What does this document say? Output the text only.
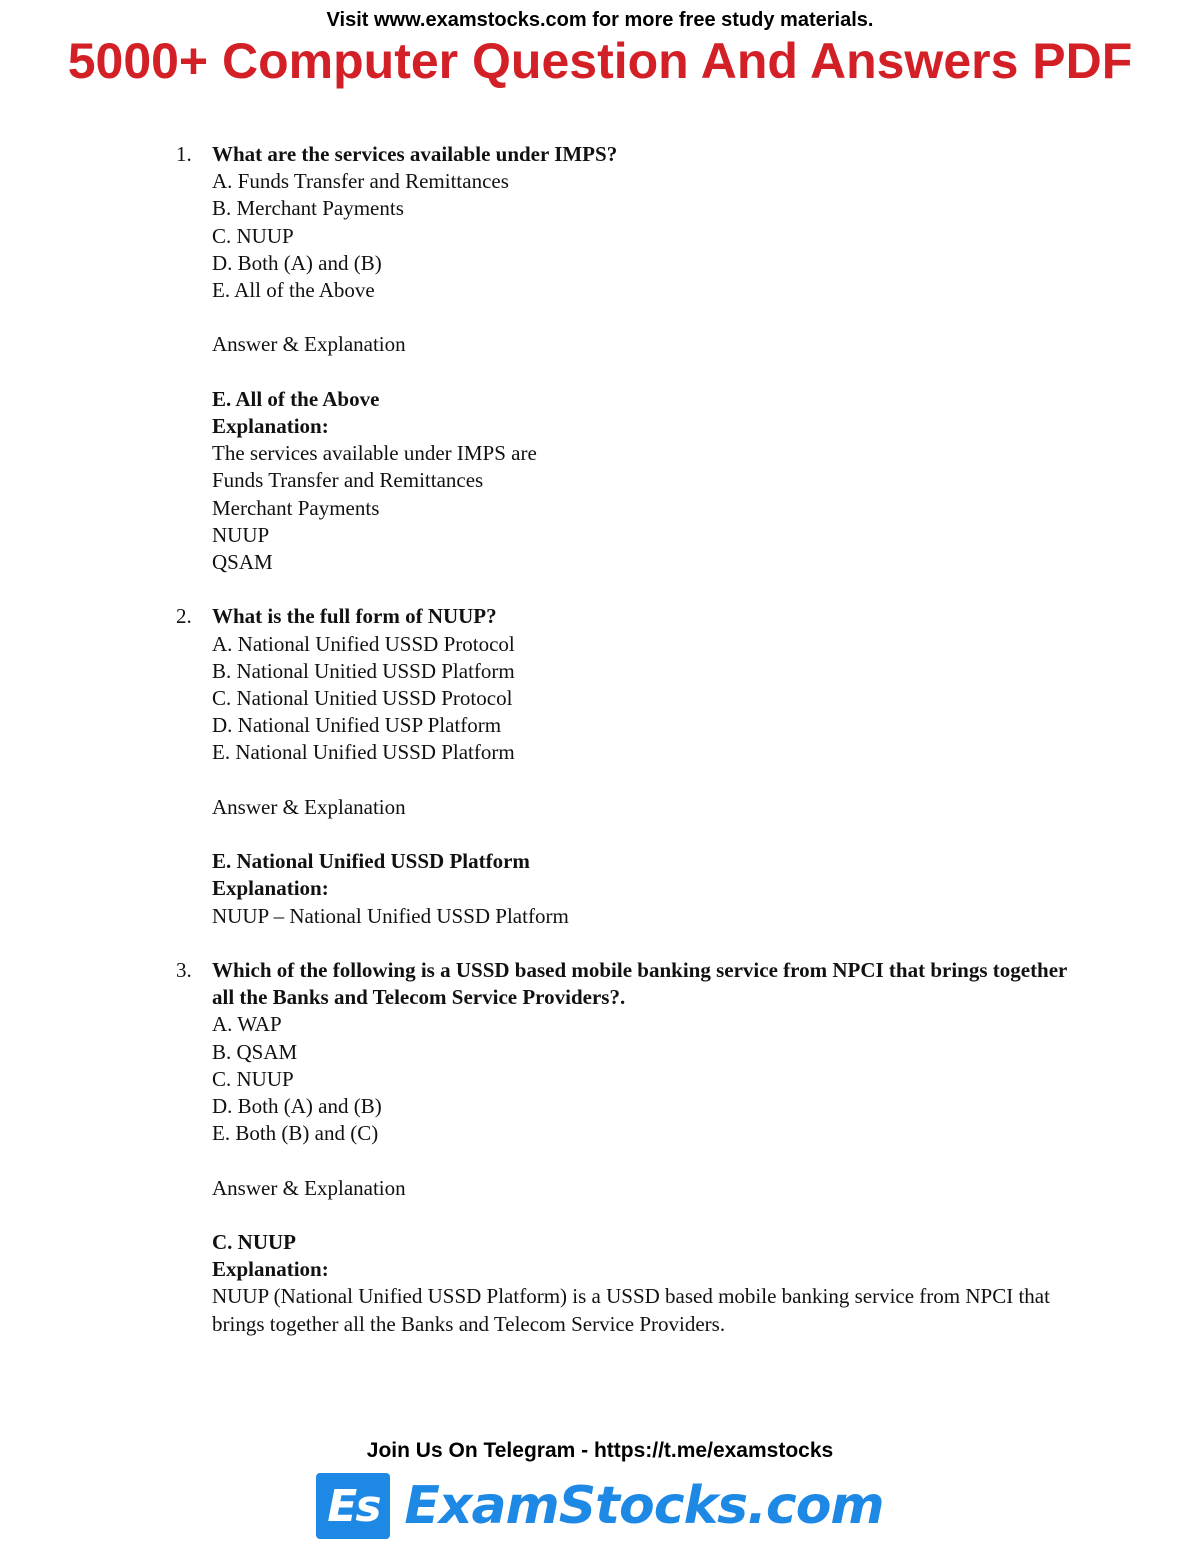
Visit www.examstocks.com for more free study materials.
5000+ Computer Question And Answers PDF
1. What are the services available under IMPS?
A. Funds Transfer and Remittances
B. Merchant Payments
C. NUUP
D. Both (A) and (B)
E. All of the Above
Answer & Explanation
E. All of the Above
Explanation:
The services available under IMPS are
Funds Transfer and Remittances
Merchant Payments
NUUP
QSAM
2. What is the full form of NUUP?
A. National Unified USSD Protocol
B. National Unitied USSD Platform
C. National Unitied USSD Protocol
D. National Unified USP Platform
E. National Unified USSD Platform
Answer & Explanation
E. National Unified USSD Platform
Explanation:
NUUP – National Unified USSD Platform
3. Which of the following is a USSD based mobile banking service from NPCI that brings together all the Banks and Telecom Service Providers?.
A. WAP
B. QSAM
C. NUUP
D. Both (A) and (B)
E. Both (B) and (C)
Answer & Explanation
C. NUUP
Explanation:
NUUP (National Unified USSD Platform) is a USSD based mobile banking service from NPCI that brings together all the Banks and Telecom Service Providers.
Join Us On Telegram - https://t.me/examstocks
Es ExamStocks.com
